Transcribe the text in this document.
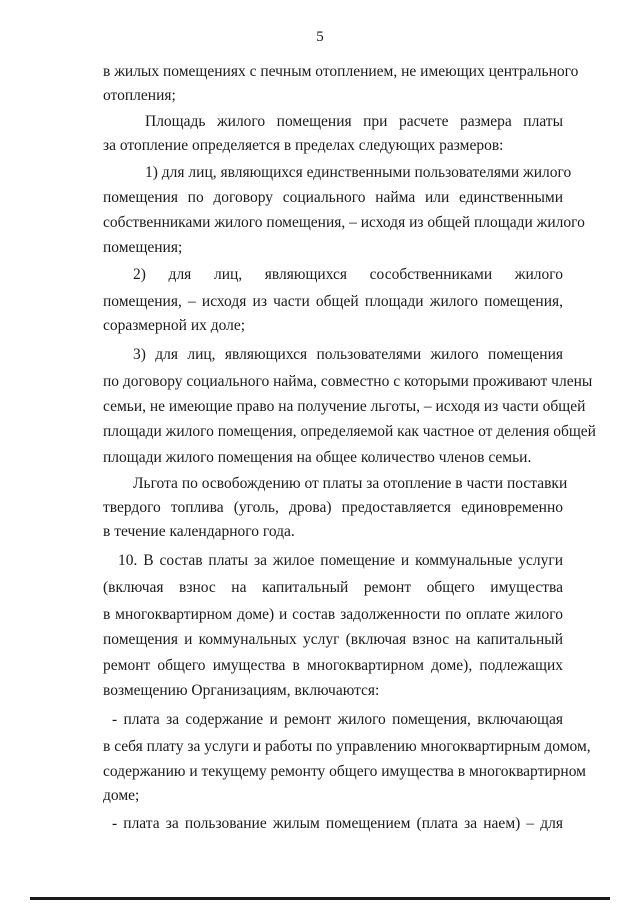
5
в жилых помещениях с печным отоплением, не имеющих центрального
отопления;
Площадь жилого помещения при расчете размера платы
за отопление определяется в пределах следующих размеров:
1) для лиц, являющихся единственными пользователями жилого
помещения по договору социального найма или единственными
собственниками жилого помещения, – исходя из общей площади жилого
помещения;
2) для лиц, являющихся сособственниками жилого
помещения, – исходя из части общей площади жилого помещения,
соразмерной их доле;
3) для лиц, являющихся пользователями жилого помещения
по договору социального найма, совместно с которыми проживают члены
семьи, не имеющие право на получение льготы, – исходя из части общей
площади жилого помещения, определяемой как частное от деления общей
площади жилого помещения на общее количество членов семьи.
Льгота по освобождению от платы за отопление в части поставки
твердого топлива (уголь, дрова) предоставляется единовременно
в течение календарного года.
10. В состав платы за жилое помещение и коммунальные услуги
(включая взнос на капитальный ремонт общего имущества
в многоквартирном доме) и состав задолженности по оплате жилого
помещения и коммунальных услуг (включая взнос на капитальный
ремонт общего имущества в многоквартирном доме), подлежащих
возмещению Организациям, включаются:
- плата за содержание и ремонт жилого помещения, включающая
в себя плату за услуги и работы по управлению многоквартирным домом,
содержанию и текущему ремонту общего имущества в многоквартирном
доме;
- плата за пользование жилым помещением (плата за наем) – для
